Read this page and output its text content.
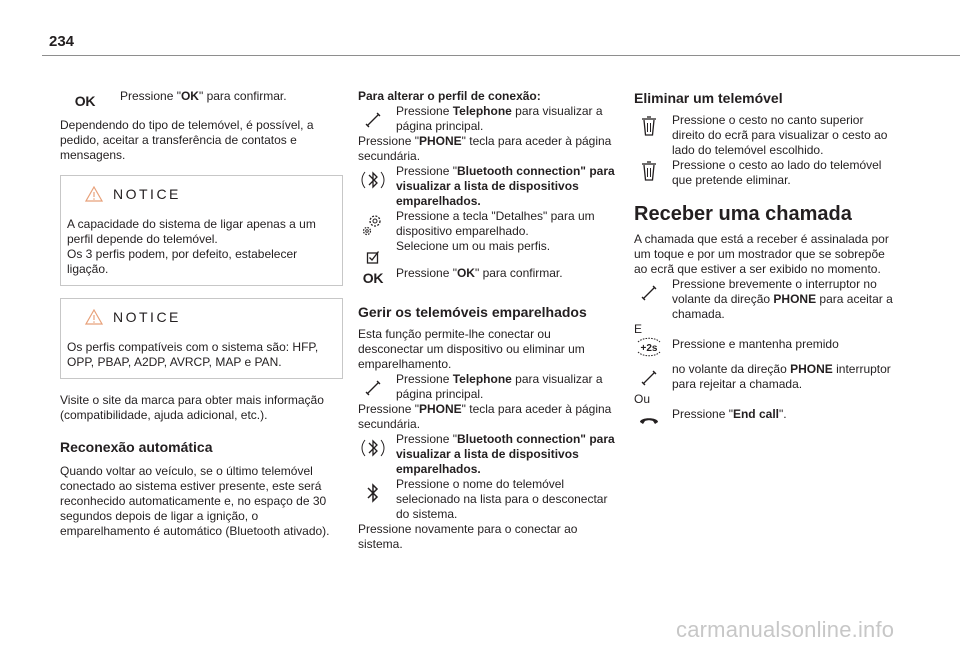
234
OK Pressione "OK" para confirmar.

Dependendo do tipo de telemóvel, é possível, a pedido, aceitar a transferência de contatos e mensagens.

NOTICE

A capacidade do sistema de ligar apenas a um perfil depende do telemóvel.

Os 3 perfis podem, por defeito, estabelecer ligação.

NOTICE

Os perfis compatíveis com o sistema são: HFP, OPP, PBAP, A2DP, AVRCP, MAP e PAN.

Visite o site da marca para obter mais informação (compatibilidade, ajuda adicional, etc.).

Reconexão automática

Quando voltar ao veículo, se o último telemóvel conectado ao sistema estiver presente, este será reconhecido automaticamente e, no espaço de 30 segundos depois de ligar a ignição, o emparelhamento é automático (Bluetooth ativado).

Para alterar o perfil de conexão:

Pressione Telephone para visualizar a página principal.

Pressione "PHONE" tecla para aceder à página secundária.

Pressione "Bluetooth connection" para visualizar a lista de dispositivos emparelhados.

Pressione a tecla "Detalhes" para um dispositivo emparelhado.

Selecione um ou mais perfis.

OK Pressione "OK" para confirmar.

Gerir os telemóveis emparelhados

Esta função permite-lhe conectar ou desconectar um dispositivo ou eliminar um emparelhamento.

Pressione Telephone para visualizar a página principal.

Pressione "PHONE" tecla para aceder à página secundária.

Pressione "Bluetooth connection" para visualizar a lista de dispositivos emparelhados.

Pressione o nome do telemóvel selecionado na lista para o desconectar do sistema.

Pressione novamente para o conectar ao sistema.

Eliminar um telemóvel

Pressione o cesto no canto superior direito do ecrã para visualizar o cesto ao lado do telemóvel escolhido.

Pressione o cesto ao lado do telemóvel que pretende eliminar.

Receber uma chamada

A chamada que está a receber é assinalada por um toque e por um mostrador que se sobrepõe ao ecrã que estiver a ser exibido no momento.

Pressione brevemente o interruptor no volante da direção PHONE para aceitar a chamada.

E

+2s Pressione e mantenha premido

no volante da direção PHONE interruptor para rejeitar a chamada.

Ou

Pressione "End call".

carmanualsonline.info
